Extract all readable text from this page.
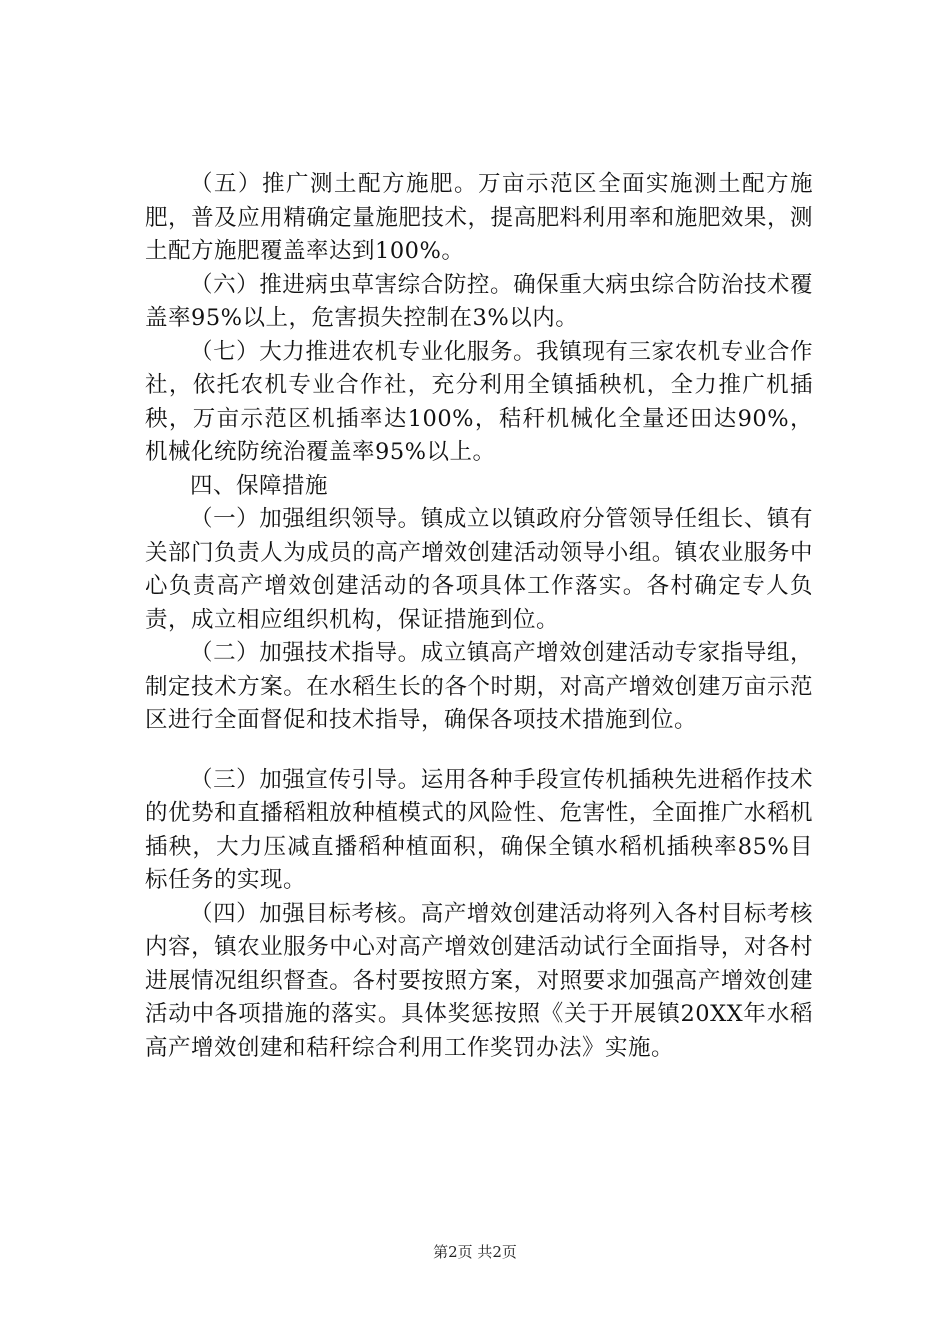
（五）推广测土配方施肥。万亩示范区全面实施测土配方施肥，普及应用精确定量施肥技术，提高肥料利用率和施肥效果，测土配方施肥覆盖率达到100%。

（六）推进病虫草害综合防控。确保重大病虫综合防治技术覆盖率95%以上，危害损失控制在3%以内。

（七）大力推进农机专业化服务。我镇现有三家农机专业合作社，依托农机专业合作社，充分利用全镇插秧机，全力推广机插秧，万亩示范区机插率达100%，秸秆机械化全量还田达90%，机械化统防统治覆盖率95%以上。

四、保障措施

（一）加强组织领导。镇成立以镇政府分管领导任组长、镇有关部门负责人为成员的高产增效创建活动领导小组。镇农业服务中心负责高产增效创建活动的各项具体工作落实。各村确定专人负责，成立相应组织机构，保证措施到位。

（二）加强技术指导。成立镇高产增效创建活动专家指导组，制定技术方案。在水稻生长的各个时期，对高产增效创建万亩示范区进行全面督促和技术指导，确保各项技术措施到位。

（三）加强宣传引导。运用各种手段宣传机插秧先进稻作技术的优势和直播稻粗放种植模式的风险性、危害性，全面推广水稻机插秧，大力压减直播稻种植面积，确保全镇水稻机插秧率85%目标任务的实现。

（四）加强目标考核。高产增效创建活动将列入各村目标考核内容，镇农业服务中心对高产增效创建活动试行全面指导，对各村进展情况组织督查。各村要按照方案，对照要求加强高产增效创建活动中各项措施的落实。具体奖惩按照《关于开展镇20XX年水稻高产增效创建和秸秆综合利用工作奖罚办法》实施。

第2页 共2页
